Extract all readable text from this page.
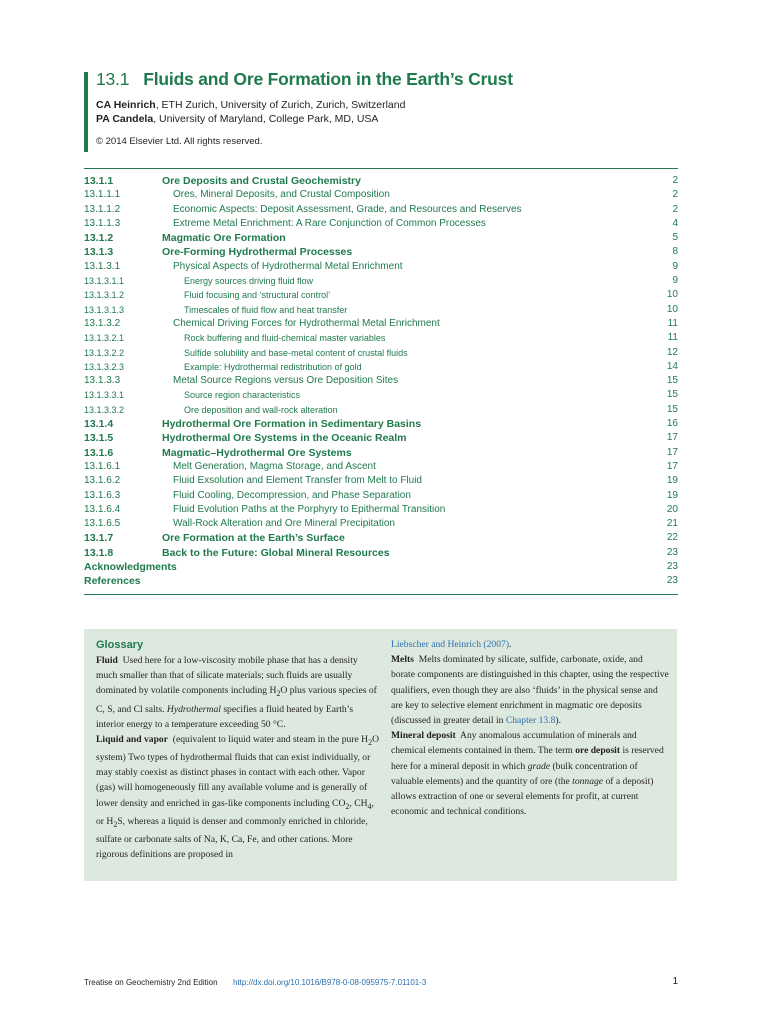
13.1 Fluids and Ore Formation in the Earth’s Crust
CA Heinrich, ETH Zurich, University of Zurich, Zurich, Switzerland
PA Candela, University of Maryland, College Park, MD, USA
© 2014 Elsevier Ltd. All rights reserved.
13.1.1	Ore Deposits and Crustal Geochemistry	2
13.1.1.1	Ores, Mineral Deposits, and Crustal Composition	2
13.1.1.2	Economic Aspects: Deposit Assessment, Grade, and Resources and Reserves	2
13.1.1.3	Extreme Metal Enrichment: A Rare Conjunction of Common Processes	4
13.1.2	Magmatic Ore Formation	5
13.1.3	Ore-Forming Hydrothermal Processes	8
13.1.3.1	Physical Aspects of Hydrothermal Metal Enrichment	9
13.1.3.1.1	Energy sources driving fluid flow	9
13.1.3.1.2	Fluid focusing and ‘structural control’	10
13.1.3.1.3	Timescales of fluid flow and heat transfer	10
13.1.3.2	Chemical Driving Forces for Hydrothermal Metal Enrichment	11
13.1.3.2.1	Rock buffering and fluid-chemical master variables	11
13.1.3.2.2	Sulfide solubility and base-metal content of crustal fluids	12
13.1.3.2.3	Example: Hydrothermal redistribution of gold	14
13.1.3.3	Metal Source Regions versus Ore Deposition Sites	15
13.1.3.3.1	Source region characteristics	15
13.1.3.3.2	Ore deposition and wall-rock alteration	15
13.1.4	Hydrothermal Ore Formation in Sedimentary Basins	16
13.1.5	Hydrothermal Ore Systems in the Oceanic Realm	17
13.1.6	Magmatic–Hydrothermal Ore Systems	17
13.1.6.1	Melt Generation, Magma Storage, and Ascent	17
13.1.6.2	Fluid Exsolution and Element Transfer from Melt to Fluid	19
13.1.6.3	Fluid Cooling, Decompression, and Phase Separation	19
13.1.6.4	Fluid Evolution Paths at the Porphyry to Epithermal Transition	20
13.1.6.5	Wall-Rock Alteration and Ore Mineral Precipitation	21
13.1.7	Ore Formation at the Earth’s Surface	22
13.1.8	Back to the Future: Global Mineral Resources	23
Acknowledgments	23
References	23
Glossary
Fluid Used here for a low-viscosity mobile phase that has a density much smaller than that of silicate materials; such fluids are usually dominated by volatile components including $H_2O$ plus various species of C, S, and Cl salts. Hydrothermal specifies a fluid heated by Earth’s interior energy to a temperature exceeding 50 °C.
Liquid and vapor (equivalent to liquid water and steam in the pure $H_2O$ system) Two types of hydrothermal fluids that can exist individually, or may stably coexist as distinct phases in contact with each other. Vapor (gas) will homogeneously fill any available volume and is generally of lower density and enriched in gas-like components including $CO_2$, $CH_4$, or $H_2S$, whereas a liquid is denser and commonly enriched in chloride, sulfate or carbonate salts of Na, K, Ca, Fe, and other cations. More rigorous definitions are proposed in
Liebscher and Heinrich (2007).
Melts Melts dominated by silicate, sulfide, carbonate, oxide, and borate components are distinguished in this chapter, using the respective qualifiers, even though they are also ‘fluids’ in the physical sense and are key to selective element enrichment in magmatic ore deposits (discussed in greater detail in Chapter 13.8).
Mineral deposit Any anomalous accumulation of minerals and chemical elements contained in them. The term ore deposit is reserved here for a mineral deposit in which grade (bulk concentration of valuable elements) and the quantity of ore (the tonnage of a deposit) allows extraction of one or several elements for profit, at current economic and technical conditions.
Treatise on Geochemistry 2nd Edition http://dx.doi.org/10.1016/B978-0-08-095975-7.01101-3	1
